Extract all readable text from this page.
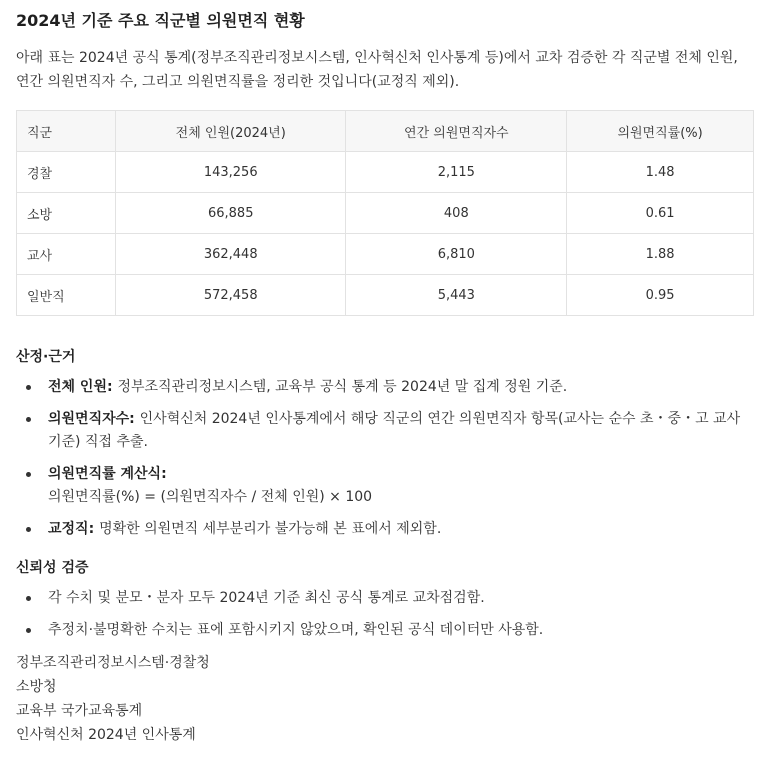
2024년 기준 주요 직군별 의원면직 현황

아래 표는 2024년 공식 통계(정부조직관리정보시스템, 인사혁신처 인사통계 등)에서 교차 검증한 각 직군별 전체 인원, 연간 의원면직자 수, 그리고 의원면직률을 정리한 것입니다(교정직 제외).

직군	전체 인원(2024년)	연간 의원면직자수	의원면직률(%)
경찰	143,256	2,115	1.48
소방	66,885	408	0.61
교사	362,448	6,810	1.88
일반직	572,458	5,443	0.95
산정·근거
전체 인원: 정부조직관리정보시스템, 교육부 공식 통계 등 2024년 말 집계 정원 기준.
의원면직자수: 인사혁신처 2024년 인사통계에서 해당 직군의 연간 의원면직자 항목(교사는 순수 초・중・고 교사 기준) 직접 추출.
의원면직률 계산식:
의원면직률(%) = (의원면직자수 / 전체 인원) × 100
교정직: 명확한 의원면직 세부분리가 불가능해 본 표에서 제외함.
신뢰성 검증
각 수치 및 분모・분자 모두 2024년 기준 최신 공식 통계로 교차점검함.
추정치·불명확한 수치는 표에 포함시키지 않았으며, 확인된 공식 데이터만 사용함.
정부조직관리정보시스템·경찰청
소방청
교육부 국가교육통계
인사혁신처 2024년 인사통계
